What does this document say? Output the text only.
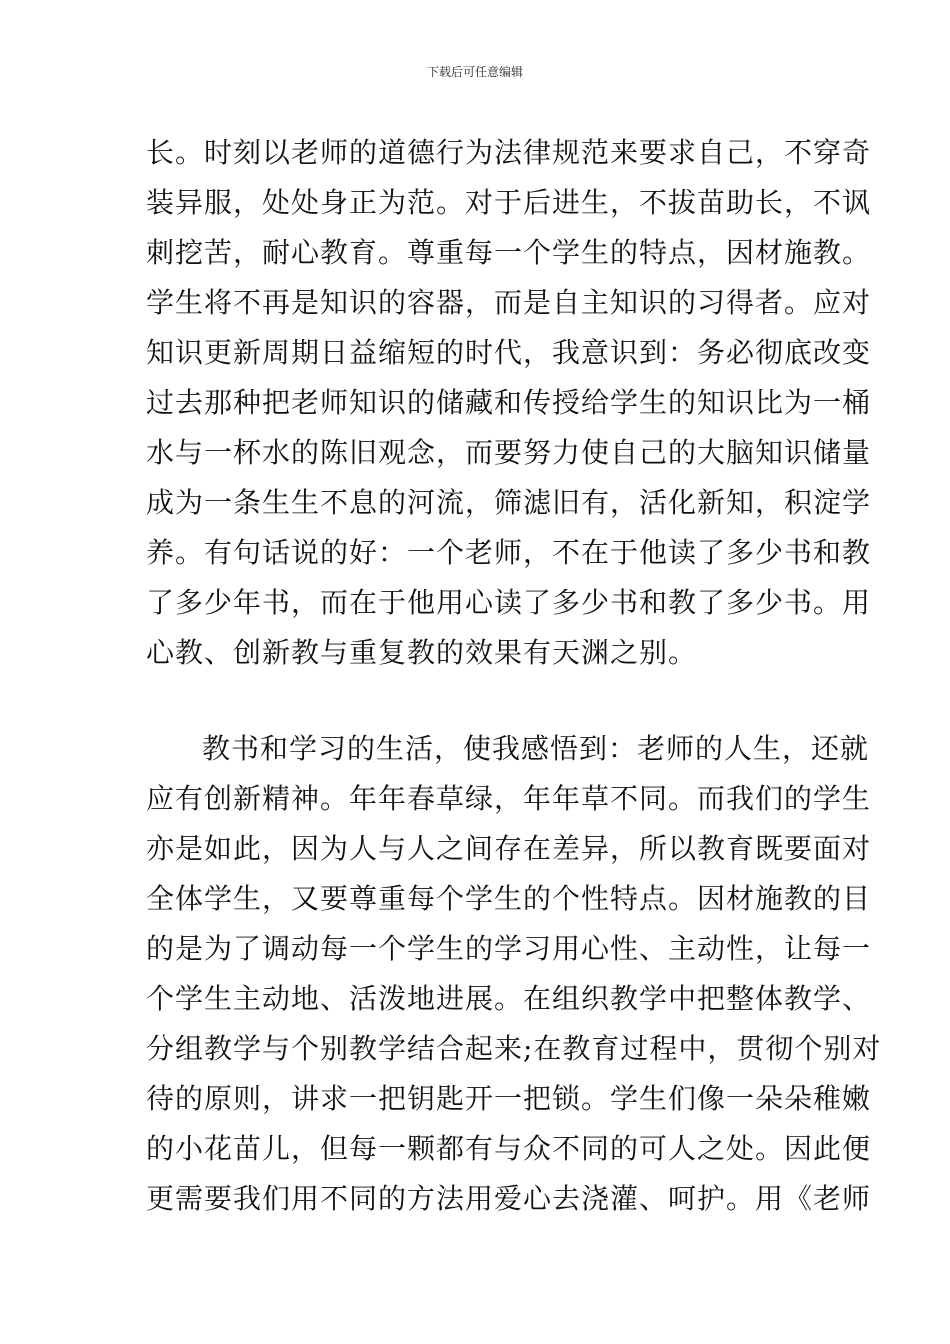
下载后可任意编辑
长。时刻以老师的道德行为法律规范来要求自己，不穿奇
装异服，处处身正为范。对于后进生，不拔苗助长，不讽
刺挖苦，耐心教育。尊重每一个学生的特点，因材施教。
学生将不再是知识的容器，而是自主知识的习得者。应对
知识更新周期日益缩短的时代，我意识到：务必彻底改变
过去那种把老师知识的储藏和传授给学生的知识比为一桶
水与一杯水的陈旧观念，而要努力使自己的大脑知识储量
成为一条生生不息的河流，筛滤旧有，活化新知，积淀学
养。有句话说的好：一个老师，不在于他读了多少书和教
了多少年书，而在于他用心读了多少书和教了多少书。用
心教、创新教与重复教的效果有天渊之别。
教书和学习的生活，使我感悟到：老师的人生，还就
应有创新精神。年年春草绿，年年草不同。而我们的学生
亦是如此，因为人与人之间存在差异，所以教育既要面对
全体学生，又要尊重每个学生的个性特点。因材施教的目
的是为了调动每一个学生的学习用心性、主动性，让每一
个学生主动地、活泼地进展。在组织教学中把整体教学、
分组教学与个别教学结合起来;在教育过程中，贯彻个别对
待的原则，讲求一把钥匙开一把锁。学生们像一朵朵稚嫩
的小花苗儿，但每一颗都有与众不同的可人之处。因此便
更需要我们用不同的方法用爱心去浇灌、呵护。用《老师
